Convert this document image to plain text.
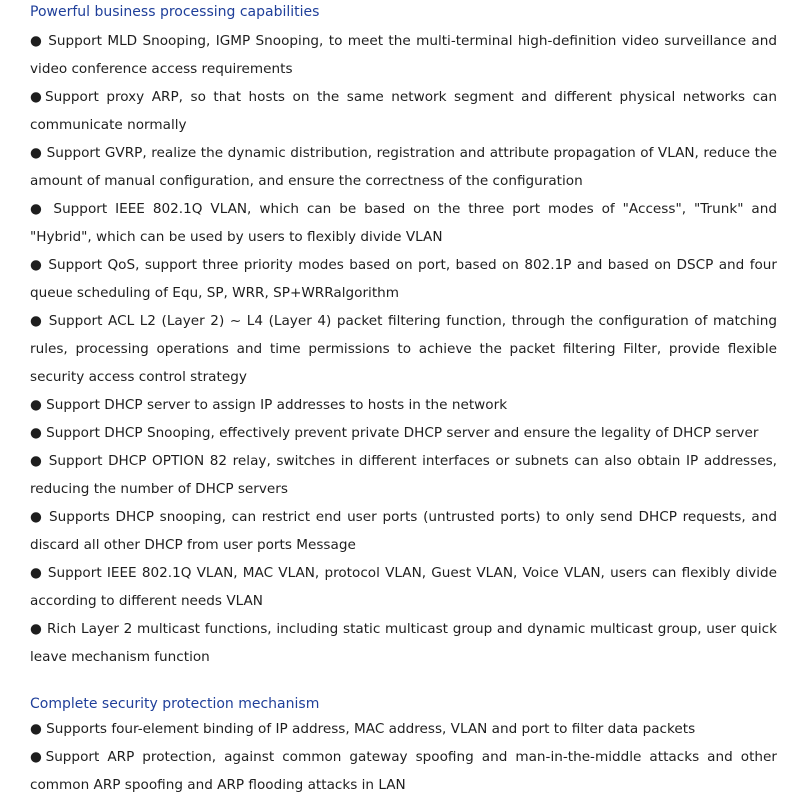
Powerful business processing capabilities

● Support MLD Snooping, IGMP Snooping, to meet the multi-terminal high-definition video surveillance and video conference access requirements

●Support proxy ARP, so that hosts on the same network segment and different physical networks can communicate normally

● Support GVRP, realize the dynamic distribution, registration and attribute propagation of VLAN, reduce the amount of manual configuration, and ensure the correctness of the configuration

● Support IEEE 802.1Q VLAN, which can be based on the three port modes of "Access", "Trunk" and "Hybrid", which can be used by users to flexibly divide VLAN

● Support QoS, support three priority modes based on port, based on 802.1P and based on DSCP and four queue scheduling of Equ, SP, WRR, SP+WRRalgorithm

● Support ACL L2 (Layer 2) ~ L4 (Layer 4) packet filtering function, through the configuration of matching rules, processing operations and time permissions to achieve the packet filtering Filter, provide flexible security access control strategy

● Support DHCP server to assign IP addresses to hosts in the network

● Support DHCP Snooping, effectively prevent private DHCP server and ensure the legality of DHCP server

● Support DHCP OPTION 82 relay, switches in different interfaces or subnets can also obtain IP addresses, reducing the number of DHCP servers

● Supports DHCP snooping, can restrict end user ports (untrusted ports) to only send DHCP requests, and discard all other DHCP from user ports Message

● Support IEEE 802.1Q VLAN, MAC VLAN, protocol VLAN, Guest VLAN, Voice VLAN, users can flexibly divide according to different needs VLAN

● Rich Layer 2 multicast functions, including static multicast group and dynamic multicast group, user quick leave mechanism function

Complete security protection mechanism

● Supports four-element binding of IP address, MAC address, VLAN and port to filter data packets

●Support ARP protection, against common gateway spoofing and man-in-the-middle attacks and other common ARP spoofing and ARP flooding attacks in LAN
